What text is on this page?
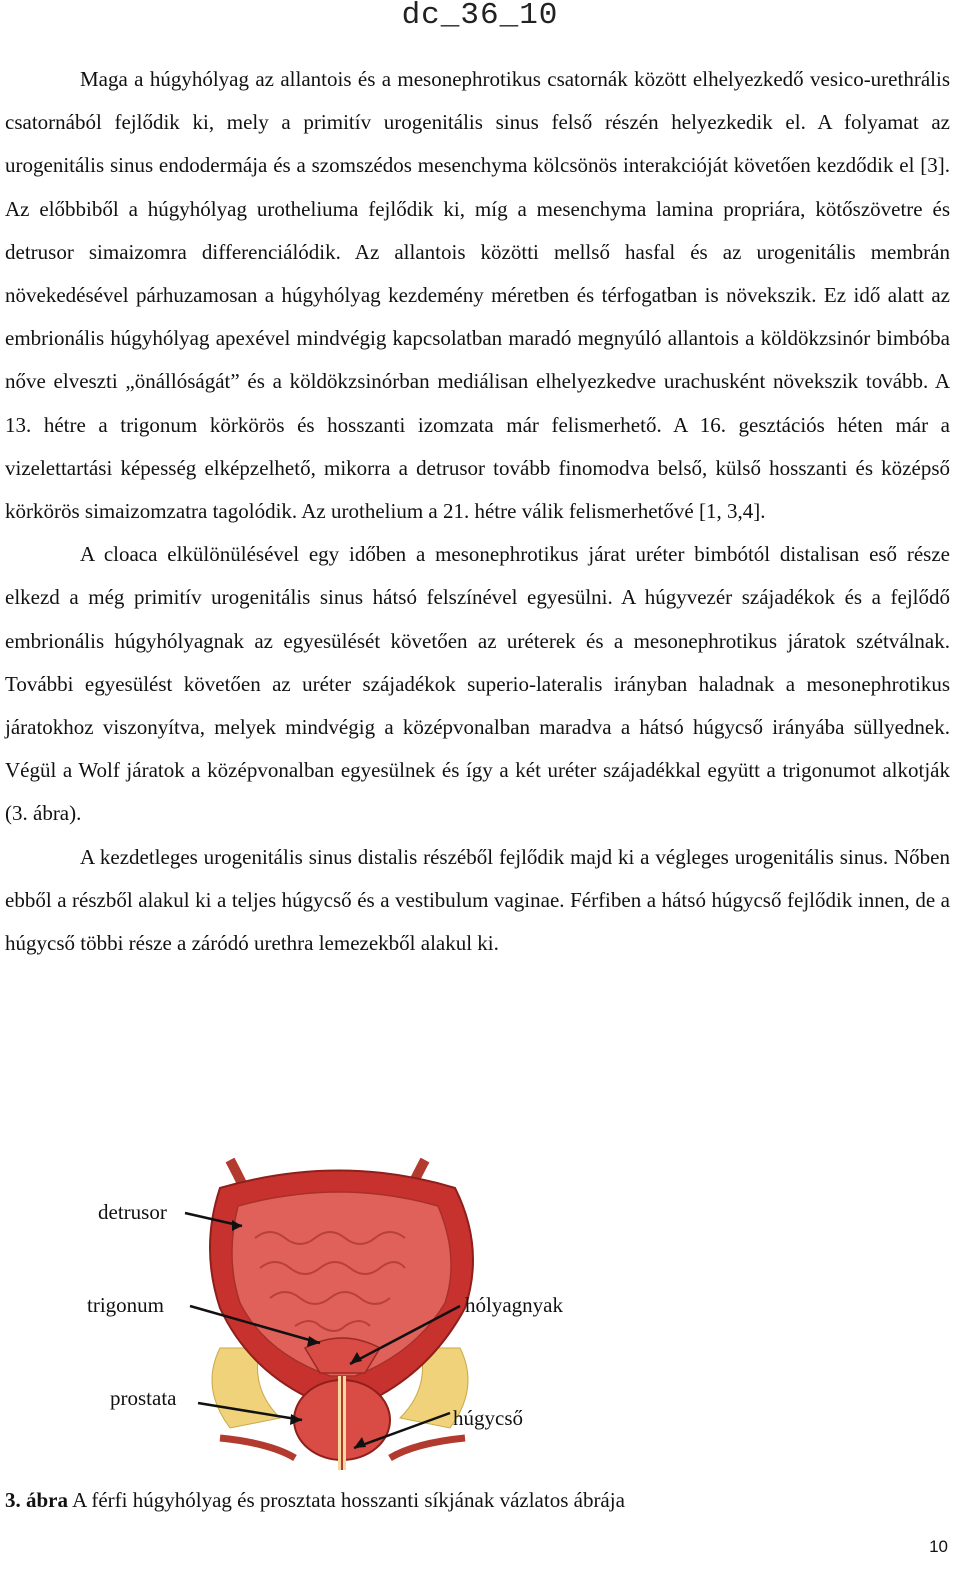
dc_36_10

Maga a húgyhólyag az allantois és a mesonephrotikus csatornák között elhelyezkedő vesico-urethrális csatornából fejlődik ki, mely a primitív urogenitális sinus felső részén helyezkedik el. A folyamat az urogenitális sinus endodermája és a szomszédos mesenchyma kölcsönös interakcióját követően kezdődik el [3]. Az előbbiből a húgyhólyag urotheliuma fejlődik ki, míg a mesenchyma lamina propriára, kötőszövetre és detrusor simaizomra differenciálódik. Az allantois közötti mellső hasfal és az urogenitális membrán növekedésével párhuzamosan a húgyhólyag kezdemény méretben és térfogatban is növekszik. Ez idő alatt az embrionális húgyhólyag apexével mindvégig kapcsolatban maradó megnyúló allantois a köldökzsinór bimbóba nőve elveszti „önállóságát” és a köldökzsinórban mediálisan elhelyezkedve urachusként növekszik tovább. A 13. hétre a trigonum körkörös és hosszanti izomzata már felismerhető. A 16. gesztációs héten már a vizelettartási képesség elképzelhető, mikorra a detrusor tovább finomodva belső, külső hosszanti és középső körkörös simaizomzatra tagolódik. Az urothelium a 21. hétre válik felismerhetővé [1, 3,4].

A cloaca elkülönülésével egy időben a mesonephrotikus járat uréter bimbótól distalisan eső része elkezd a még primitív urogenitális sinus hátsó felszínével egyesülni. A húgyvezér szájadékok és a fejlődő embrionális húgyhólyagnak az egyesülését követően az uréterek és a mesonephrotikus járatok szétválnak. További egyesülést követően az uréter szájadékok superio-lateralis irányban haladnak a mesonephrotikus járatokhoz viszonyítva, melyek mindvégig a középvonalban maradva a hátsó húgycső irányába süllyednek. Végül a Wolf járatok a középvonalban egyesülnek és így a két uréter szájadékkal együtt a trigonumot alkotják (3. ábra).

A kezdetleges urogenitális sinus distalis részéből fejlődik majd ki a végleges urogenitális sinus. Nőben ebből a részből alakul ki a teljes húgycső és a vestibulum vaginae. Férfiben a hátsó húgycső fejlődik innen, de a húgycső többi része a záródó urethra lemezekből alakul ki.

detrusor
trigonum	hólyagnyak
prostata
húgycső
3. ábra A férfi húgyhólyag és prosztata hosszanti síkjának vázlatos ábrája
10
